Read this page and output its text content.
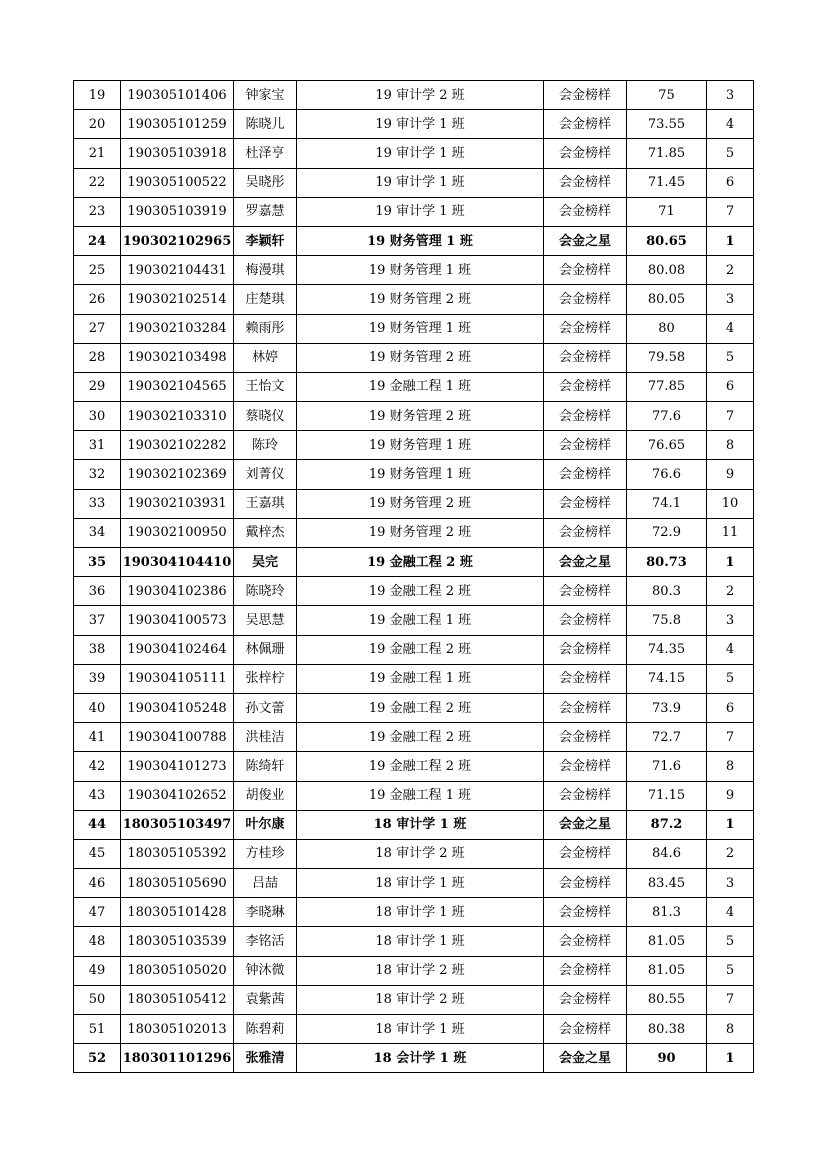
19	190305101406	钟家宝	19 审计学 2 班	会金榜样	75	3
20	190305101259	陈晓儿	19 审计学 1 班	会金榜样	73.55	4
21	190305103918	杜泽亨	19 审计学 1 班	会金榜样	71.85	5
22	190305100522	吴晓彤	19 审计学 1 班	会金榜样	71.45	6
23	190305103919	罗嘉慧	19 审计学 1 班	会金榜样	71	7
24	190302102965	李颖轩	19 财务管理 1 班	会金之星	80.65	1
25	190302104431	梅漫琪	19 财务管理 1 班	会金榜样	80.08	2
26	190302102514	庄楚琪	19 财务管理 2 班	会金榜样	80.05	3
27	190302103284	赖雨彤	19 财务管理 1 班	会金榜样	80	4
28	190302103498	林婷	19 财务管理 2 班	会金榜样	79.58	5
29	190302104565	王怡文	19 金融工程 1 班	会金榜样	77.85	6
30	190302103310	蔡晓仪	19 财务管理 2 班	会金榜样	77.6	7
31	190302102282	陈玲	19 财务管理 1 班	会金榜样	76.65	8
32	190302102369	刘菁仪	19 财务管理 1 班	会金榜样	76.6	9
33	190302103931	王嘉琪	19 财务管理 2 班	会金榜样	74.1	10
34	190302100950	戴梓杰	19 财务管理 2 班	会金榜样	72.9	11
35	190304104410	吴完	19 金融工程 2 班	会金之星	80.73	1
36	190304102386	陈晓玲	19 金融工程 2 班	会金榜样	80.3	2
37	190304100573	吴思慧	19 金融工程 1 班	会金榜样	75.8	3
38	190304102464	林佩珊	19 金融工程 2 班	会金榜样	74.35	4
39	190304105111	张梓柠	19 金融工程 1 班	会金榜样	74.15	5
40	190304105248	孙文蕾	19 金融工程 2 班	会金榜样	73.9	6
41	190304100788	洪桂洁	19 金融工程 2 班	会金榜样	72.7	7
42	190304101273	陈绮轩	19 金融工程 2 班	会金榜样	71.6	8
43	190304102652	胡俊业	19 金融工程 1 班	会金榜样	71.15	9
44	180305103497	叶尔康	18 审计学 1 班	会金之星	87.2	1
45	180305105392	方桂珍	18 审计学 2 班	会金榜样	84.6	2
46	180305105690	吕喆	18 审计学 1 班	会金榜样	83.45	3
47	180305101428	李晓琳	18 审计学 1 班	会金榜样	81.3	4
48	180305103539	李铭活	18 审计学 1 班	会金榜样	81.05	5
49	180305105020	钟沐微	18 审计学 2 班	会金榜样	81.05	5
50	180305105412	袁紫茜	18 审计学 2 班	会金榜样	80.55	7
51	180305102013	陈碧莉	18 审计学 1 班	会金榜样	80.38	8
52	180301101296	张雅清	18 会计学 1 班	会金之星	90	1
